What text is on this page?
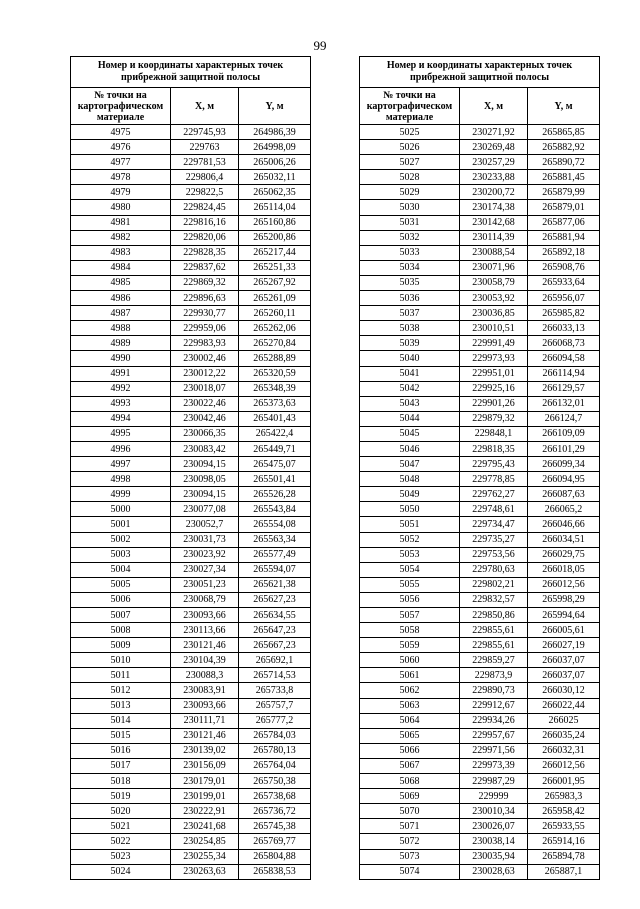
99
Номер и координаты характерных точек прибрежной защитной полосы		
№ точки на картографическом материале	X, м	Y, м
4975	229745,93	264986,39
4976	229763	264998,09
4977	229781,53	265006,26
4978	229806,4	265032,11
4979	229822,5	265062,35
4980	229824,45	265114,04
4981	229816,16	265160,86
4982	229820,06	265200,86
4983	229828,35	265217,44
4984	229837,62	265251,33
4985	229869,32	265267,92
4986	229896,63	265261,09
4987	229930,77	265260,11
4988	229959,06	265262,06
4989	229983,93	265270,84
4990	230002,46	265288,89
4991	230012,22	265320,59
4992	230018,07	265348,39
4993	230022,46	265373,63
4994	230042,46	265401,43
4995	230066,35	265422,4
4996	230083,42	265449,71
4997	230094,15	265475,07
4998	230098,05	265501,41
4999	230094,15	265526,28
5000	230077,08	265543,84
5001	230052,7	265554,08
5002	230031,73	265563,34
5003	230023,92	265577,49
5004	230027,34	265594,07
5005	230051,23	265621,38
5006	230068,79	265627,23
5007	230093,66	265634,55
5008	230113,66	265647,23
5009	230121,46	265667,23
5010	230104,39	265692,1
5011	230088,3	265714,53
5012	230083,91	265733,8
5013	230093,66	265757,7
5014	230111,71	265777,2
5015	230121,46	265784,03
5016	230139,02	265780,13
5017	230156,09	265764,04
5018	230179,01	265750,38
5019	230199,01	265738,68
5020	230222,91	265736,72
5021	230241,68	265745,38
5022	230254,85	265769,77
5023	230255,34	265804,88
5024	230263,63	265838,53
Номер и координаты характерных точек прибрежной защитной полосы		
№ точки на картографическом материале	X, м	Y, м
5025	230271,92	265865,85
5026	230269,48	265882,92
5027	230257,29	265890,72
5028	230233,88	265881,45
5029	230200,72	265879,99
5030	230174,38	265879,01
5031	230142,68	265877,06
5032	230114,39	265881,94
5033	230088,54	265892,18
5034	230071,96	265908,76
5035	230058,79	265933,64
5036	230053,92	265956,07
5037	230036,85	265985,82
5038	230010,51	266033,13
5039	229991,49	266068,73
5040	229973,93	266094,58
5041	229951,01	266114,94
5042	229925,16	266129,57
5043	229901,26	266132,01
5044	229879,32	266124,7
5045	229848,1	266109,09
5046	229818,35	266101,29
5047	229795,43	266099,34
5048	229778,85	266094,95
5049	229762,27	266087,63
5050	229748,61	266065,2
5051	229734,47	266046,66
5052	229735,27	266034,51
5053	229753,56	266029,75
5054	229780,63	266018,05
5055	229802,21	266012,56
5056	229832,57	265998,29
5057	229850,86	265994,64
5058	229855,61	266005,61
5059	229855,61	266027,19
5060	229859,27	266037,07
5061	229873,9	266037,07
5062	229890,73	266030,12
5063	229912,67	266022,44
5064	229934,26	266025
5065	229957,67	266035,24
5066	229971,56	266032,31
5067	229973,39	266012,56
5068	229987,29	266001,95
5069	229999	265983,3
5070	230010,34	265958,42
5071	230026,07	265933,55
5072	230038,14	265914,16
5073	230035,94	265894,78
5074	230028,63	265887,1
